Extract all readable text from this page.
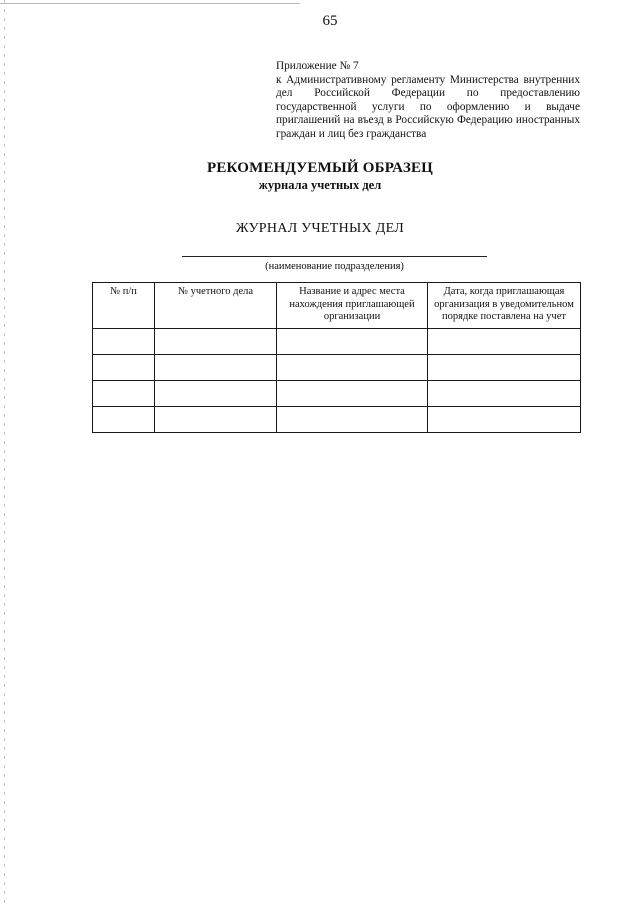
65
Приложение № 7
к Административному регламенту Министерства внутренних дел Российской Федерации по предоставлению государственной услуги по оформлению и выдаче приглашений на въезд в Российскую Федерацию иностранных граждан и лиц без гражданства
РЕКОМЕНДУЕМЫЙ ОБРАЗЕЦ
журнала учетных дел
ЖУРНАЛ УЧЕТНЫХ ДЕЛ
(наименование подразделения)
№ п/п	№ учетного дела	Название и адрес места нахождения приглашающей организации	Дата, когда приглашающая организация в уведомительном порядке поставлена на учет
